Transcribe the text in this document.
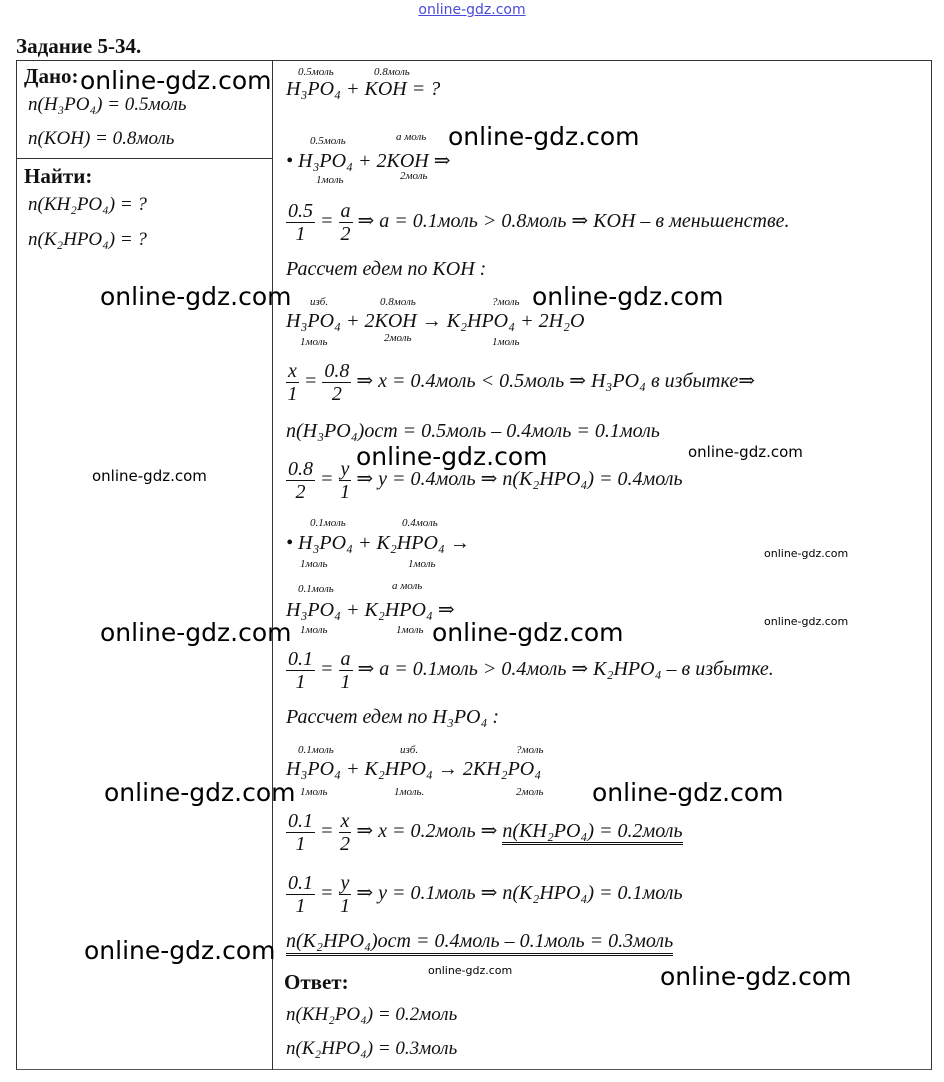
online-gdz.com
Задание 5-34.
Дано:
n(H₃PO₄) = 0.5моль
n(KOH) = 0.8моль
Найти:
n(KH₂PO₄) = ?
n(K₂HPO₄) = ?
0.5моль	0.8моль
H₃PO₄ + KOH = ?
0.5моль	a моль
• H₃PO₄ + 2KOH ⇒
1моль	2моль
$\frac{0.5}{1} = \frac{a}{2}$ ⇒ a = 0.1моль > 0.8моль ⇒ KOH – в меньшенстве.
Рассчет едем по KOH :
изб.	0.8моль	?моль
H₃PO₄ + 2KOH → K₂HPO₄ + 2H₂O
1моль	2моль	1моль
$\frac{x}{1} = \frac{0.8}{2}$ ⇒ x = 0.4моль < 0.5моль ⇒ H₃PO₄ в избытке⇒
n(H₃PO₄)ост = 0.5моль – 0.4моль = 0.1моль
$\frac{0.8}{2} = \frac{y}{1}$ ⇒ y = 0.4моль ⇒ n(K₂HPO₄) = 0.4моль
0.1моль	0.4моль
• H₃PO₄ + K₂HPO₄ →
1моль	1моль
0.1моль	a моль
H₃PO₄ + K₂HPO₄ ⇒
1моль	1моль
$\frac{0.1}{1} = \frac{a}{1}$ ⇒ a = 0.1моль > 0.4моль ⇒ K₂HPO₄ – в избытке.
Рассчет едем по H₃PO₄ :
0.1моль	изб.	?моль
H₃PO₄ + K₂HPO₄ → 2KH₂PO₄
1моль	1моль.	2моль
$\frac{0.1}{1} = \frac{x}{2}$ ⇒ x = 0.2моль ⇒ n(KH₂PO₄) = 0.2моль
$\frac{0.1}{1} = \frac{y}{1}$ ⇒ y = 0.1моль ⇒ n(K₂HPO₄) = 0.1моль
n(K₂HPO₄)ост = 0.4моль – 0.1моль = 0.3моль
Ответ:
n(KH₂PO₄) = 0.2моль
n(K₂HPO₄) = 0.3моль
online-gdz.com
online-gdz.com
online-gdz.com	online-gdz.com
online-gdz.com	online-gdz.com
online-gdz.com
online-gdz.com
online-gdz.com
online-gdz.com	online-gdz.com
online-gdz.com	online-gdz.com
online-gdz.com
online-gdz.com	online-gdz.com
